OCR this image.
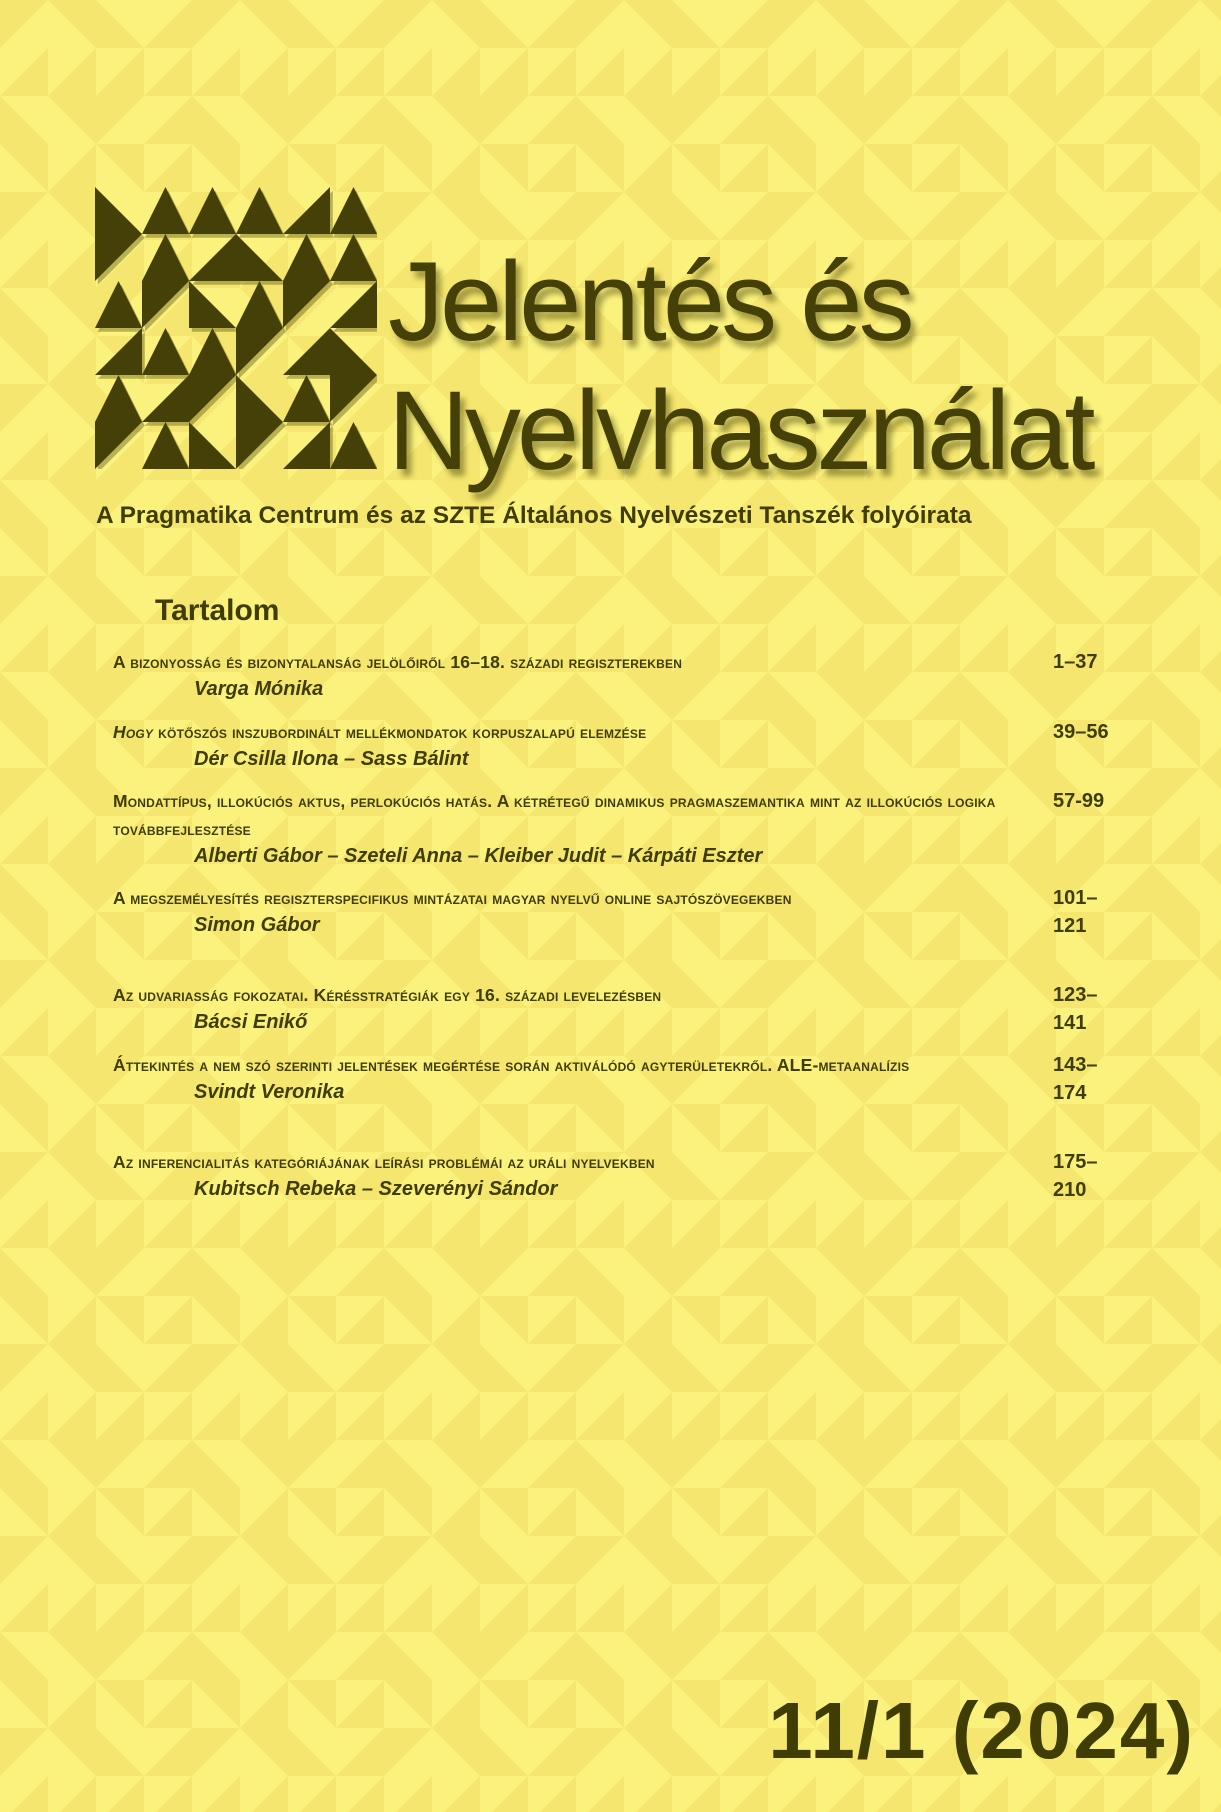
Jelentés és
Nyelvhasználat
A Pragmatika Centrum és az SZTE Általános Nyelvészeti Tanszék folyóirata
Tartalom
A bizonyosság és bizonytalanság jelölőiről 16–18. századi regiszterekben
Varga Mónika
1–37
Hogy kötőszós inszubordinált mellékmondatok korpuszalapú elemzése
Dér Csilla Ilona – Sass Bálint
39–56
Mondattípus, illokúciós aktus, perlokúciós hatás. A kétrétegű dinamikus pragmaszemantika mint az illokúciós logika továbbfejlesztése
Alberti Gábor – Szeteli Anna – Kleiber Judit – Kárpáti Eszter
57-99
A megszemélyesítés regiszterspecifikus mintázatai magyar nyelvű online sajtószövegekben
Simon Gábor
101–121
Az udvariasság fokozatai. Kérésstratégiák egy 16. századi levelezésben
Bácsi Enikő
123–141
Áttekintés a nem szó szerinti jelentések megértése során aktiválódó agyterületekről. ALE-metaanalízis
Svindt Veronika
143–174
Az inferencialitás kategóriájának leírási problémái az uráli nyelvekben
Kubitsch Rebeka – Szeverényi Sándor
175–210
11/1 (2024)
